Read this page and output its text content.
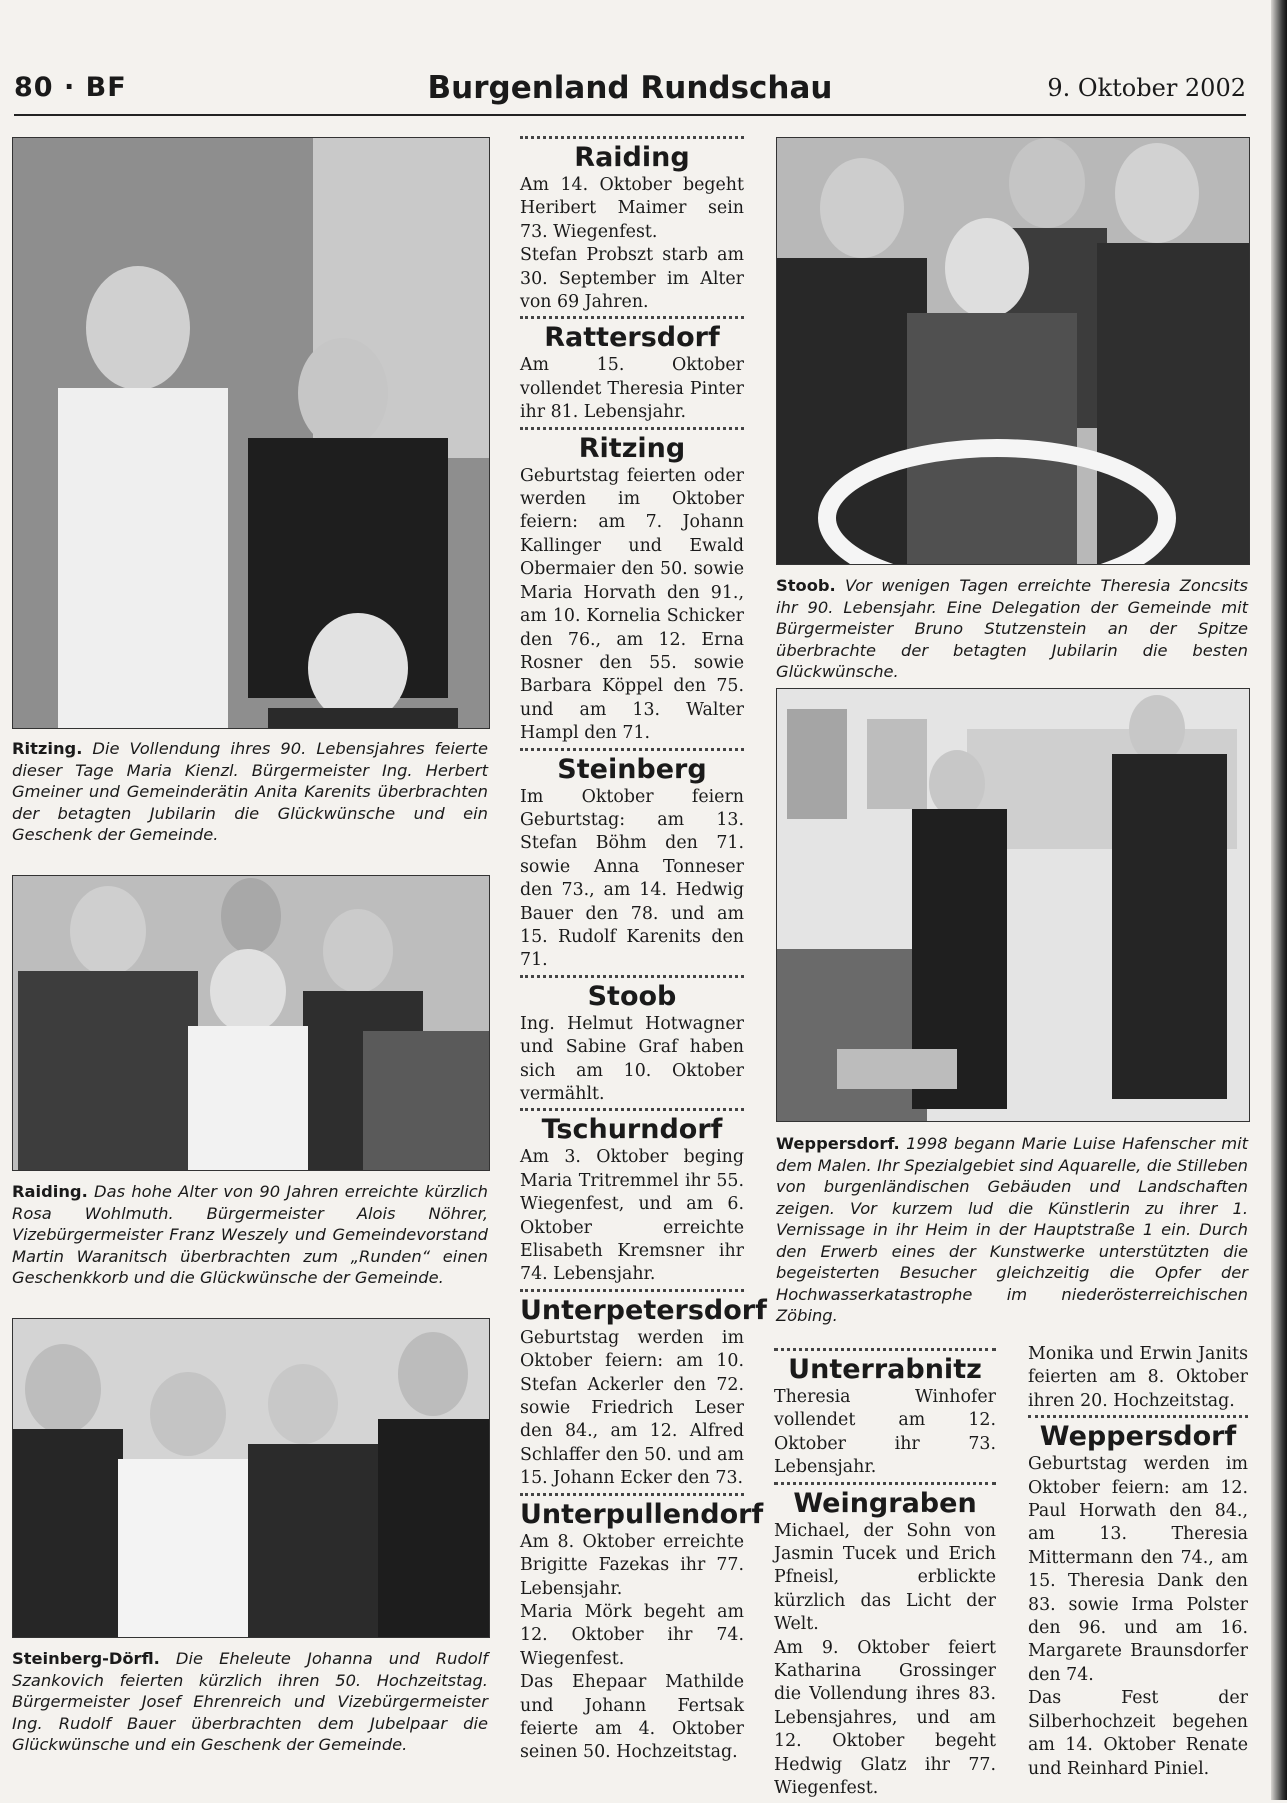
80 · BF	Burgenland Rundschau	9. Oktober 2002
Ritzing. Die Vollendung ihres 90. Lebensjahres feierte dieser Tage Maria Kienzl. Bürgermeister Ing. Herbert Gmeiner und Gemeinderätin Anita Karenits überbrachten der betagten Jubilarin die Glückwünsche und ein Geschenk der Gemeinde.
Raiding. Das hohe Alter von 90 Jahren erreichte kürzlich Rosa Wohlmuth. Bürgermeister Alois Nöhrer, Vizebürgermeister Franz Weszely und Gemeindevorstand Martin Waranitsch überbrachten zum „Runden“ einen Geschenkkorb und die Glückwünsche der Gemeinde.
Steinberg-Dörfl. Die Eheleute Johanna und Rudolf Szankovich feierten kürzlich ihren 50. Hochzeitstag. Bürgermeister Josef Ehrenreich und Vizebürgermeister Ing. Rudolf Bauer überbrachten dem Jubelpaar die Glückwünsche und ein Geschenk der Gemeinde.
Raiding

Am 14. Oktober begeht Heribert Maimer sein 73. Wiegenfest.

Stefan Probszt starb am 30. September im Alter von 69 Jahren.

Rattersdorf

Am 15. Oktober vollendet Theresia Pinter ihr 81. Lebensjahr.

Ritzing

Geburtstag feierten oder werden im Oktober feiern: am 7. Johann Kallinger und Ewald Obermaier den 50. sowie Maria Horvath den 91., am 10. Kornelia Schicker den 76., am 12. Erna Rosner den 55. sowie Barbara Köppel den 75. und am 13. Walter Hampl den 71.

Steinberg

Im Oktober feiern Geburtstag: am 13. Stefan Böhm den 71. sowie Anna Tonneser den 73., am 14. Hedwig Bauer den 78. und am 15. Rudolf Karenits den 71.

Stoob

Ing. Helmut Hotwagner und Sabine Graf haben sich am 10. Oktober vermählt.

Tschurndorf

Am 3. Oktober beging Maria Tritremmel ihr 55. Wiegenfest, und am 6. Oktober erreichte Elisabeth Kremsner ihr 74. Lebensjahr.

Unterpetersdorf

Geburtstag werden im Oktober feiern: am 10. Stefan Ackerler den 72. sowie Friedrich Leser den 84., am 12. Alfred Schlaffer den 50. und am 15. Johann Ecker den 73.

Unterpullendorf

Am 8. Oktober erreichte Brigitte Fazekas ihr 77. Lebensjahr.

Maria Mörk begeht am 12. Oktober ihr 74. Wiegenfest.

Das Ehepaar Mathilde und Johann Fertsak feierte am 4. Oktober seinen 50. Hochzeitstag.

Stoob. Vor wenigen Tagen erreichte Theresia Zoncsits ihr 90. Lebensjahr. Eine Delegation der Gemeinde mit Bürgermeister Bruno Stutzenstein an der Spitze überbrachte der betagten Jubilarin die besten Glückwünsche.
Weppersdorf. 1998 begann Marie Luise Hafenscher mit dem Malen. Ihr Spezialgebiet sind Aquarelle, die Stilleben von burgenländischen Gebäuden und Landschaften zeigen. Vor kurzem lud die Künstlerin zu ihrer 1. Vernissage in ihr Heim in der Hauptstraße 1 ein. Durch den Erwerb eines der Kunstwerke unterstützten die begeisterten Besucher gleichzeitig die Opfer der Hochwasserkatastrophe im niederösterreichischen Zöbing.
Unterrabnitz

Theresia Winhofer vollendet am 12. Oktober ihr 73. Lebensjahr.

Weingraben

Michael, der Sohn von Jasmin Tucek und Erich Pfneisl, erblickte kürzlich das Licht der Welt.

Am 9. Oktober feiert Katharina Grossinger die Vollendung ihres 83. Lebensjahres, und am 12. Oktober begeht Hedwig Glatz ihr 77. Wiegenfest.

Monika und Erwin Janits feierten am 8. Oktober ihren 20. Hochzeitstag.
Weppersdorf

Geburtstag werden im Oktober feiern: am 12. Paul Horwath den 84., am 13. Theresia Mittermann den 74., am 15. Theresia Dank den 83. sowie Irma Polster den 96. und am 16. Margarete Braunsdorfer den 74.

Das Fest der Silberhochzeit begehen am 14. Oktober Renate und Reinhard Piniel.
